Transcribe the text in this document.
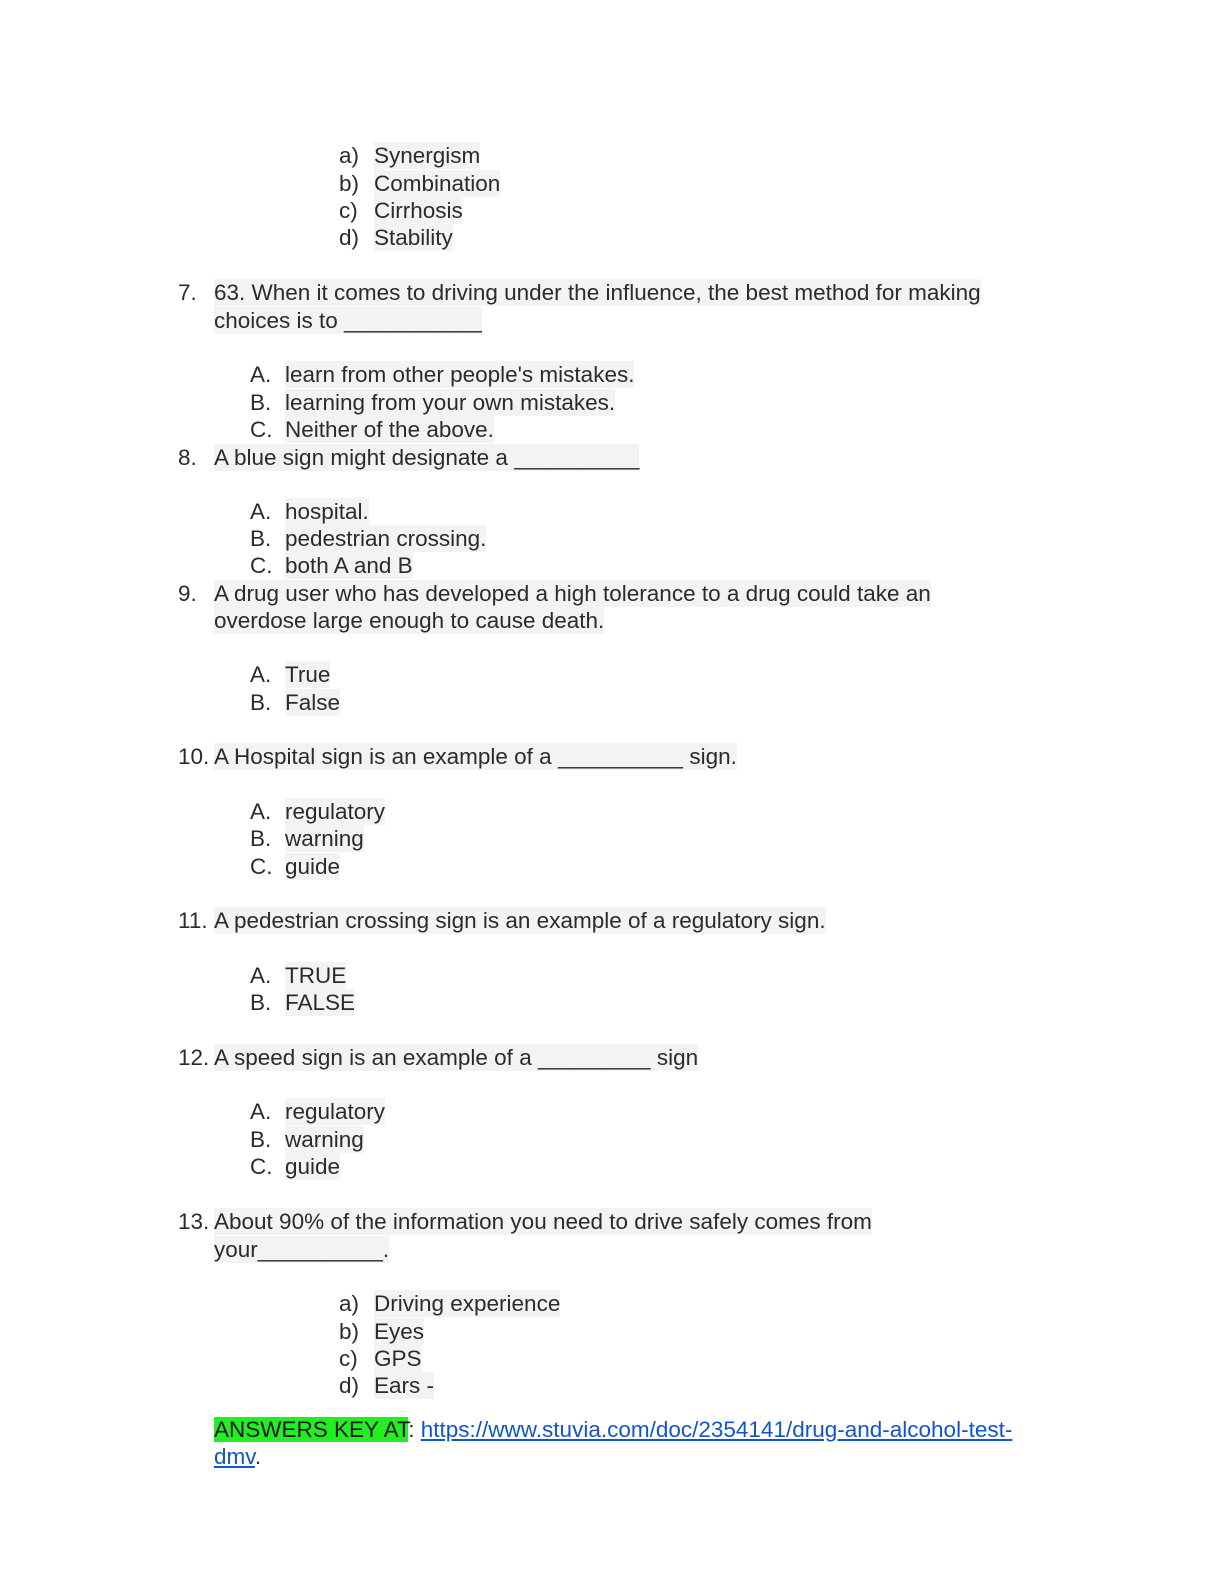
a) Synergism
b) Combination
c) Cirrhosis
d) Stability
7. 63. When it comes to driving under the influence, the best method for making
choices is to ___________
A. learn from other people's mistakes.
B. learning from your own mistakes.
C. Neither of the above.
8. A blue sign might designate a __________
A. hospital.
B. pedestrian crossing.
C. both A and B
9. A drug user who has developed a high tolerance to a drug could take an
overdose large enough to cause death.
A. True
B. False
10. A Hospital sign is an example of a __________ sign.
A. regulatory
B. warning
C. guide
11. A pedestrian crossing sign is an example of a regulatory sign.
A. TRUE
B. FALSE
12. A speed sign is an example of a _________ sign
A. regulatory
B. warning
C. guide
13. About 90% of the information you need to drive safely comes from
your__________.
a) Driving experience
b) Eyes
c) GPS
d) Ears -
ANSWERS KEY AT: https://www.stuvia.com/doc/2354141/drug-and-alcohol-test-
dmv.
